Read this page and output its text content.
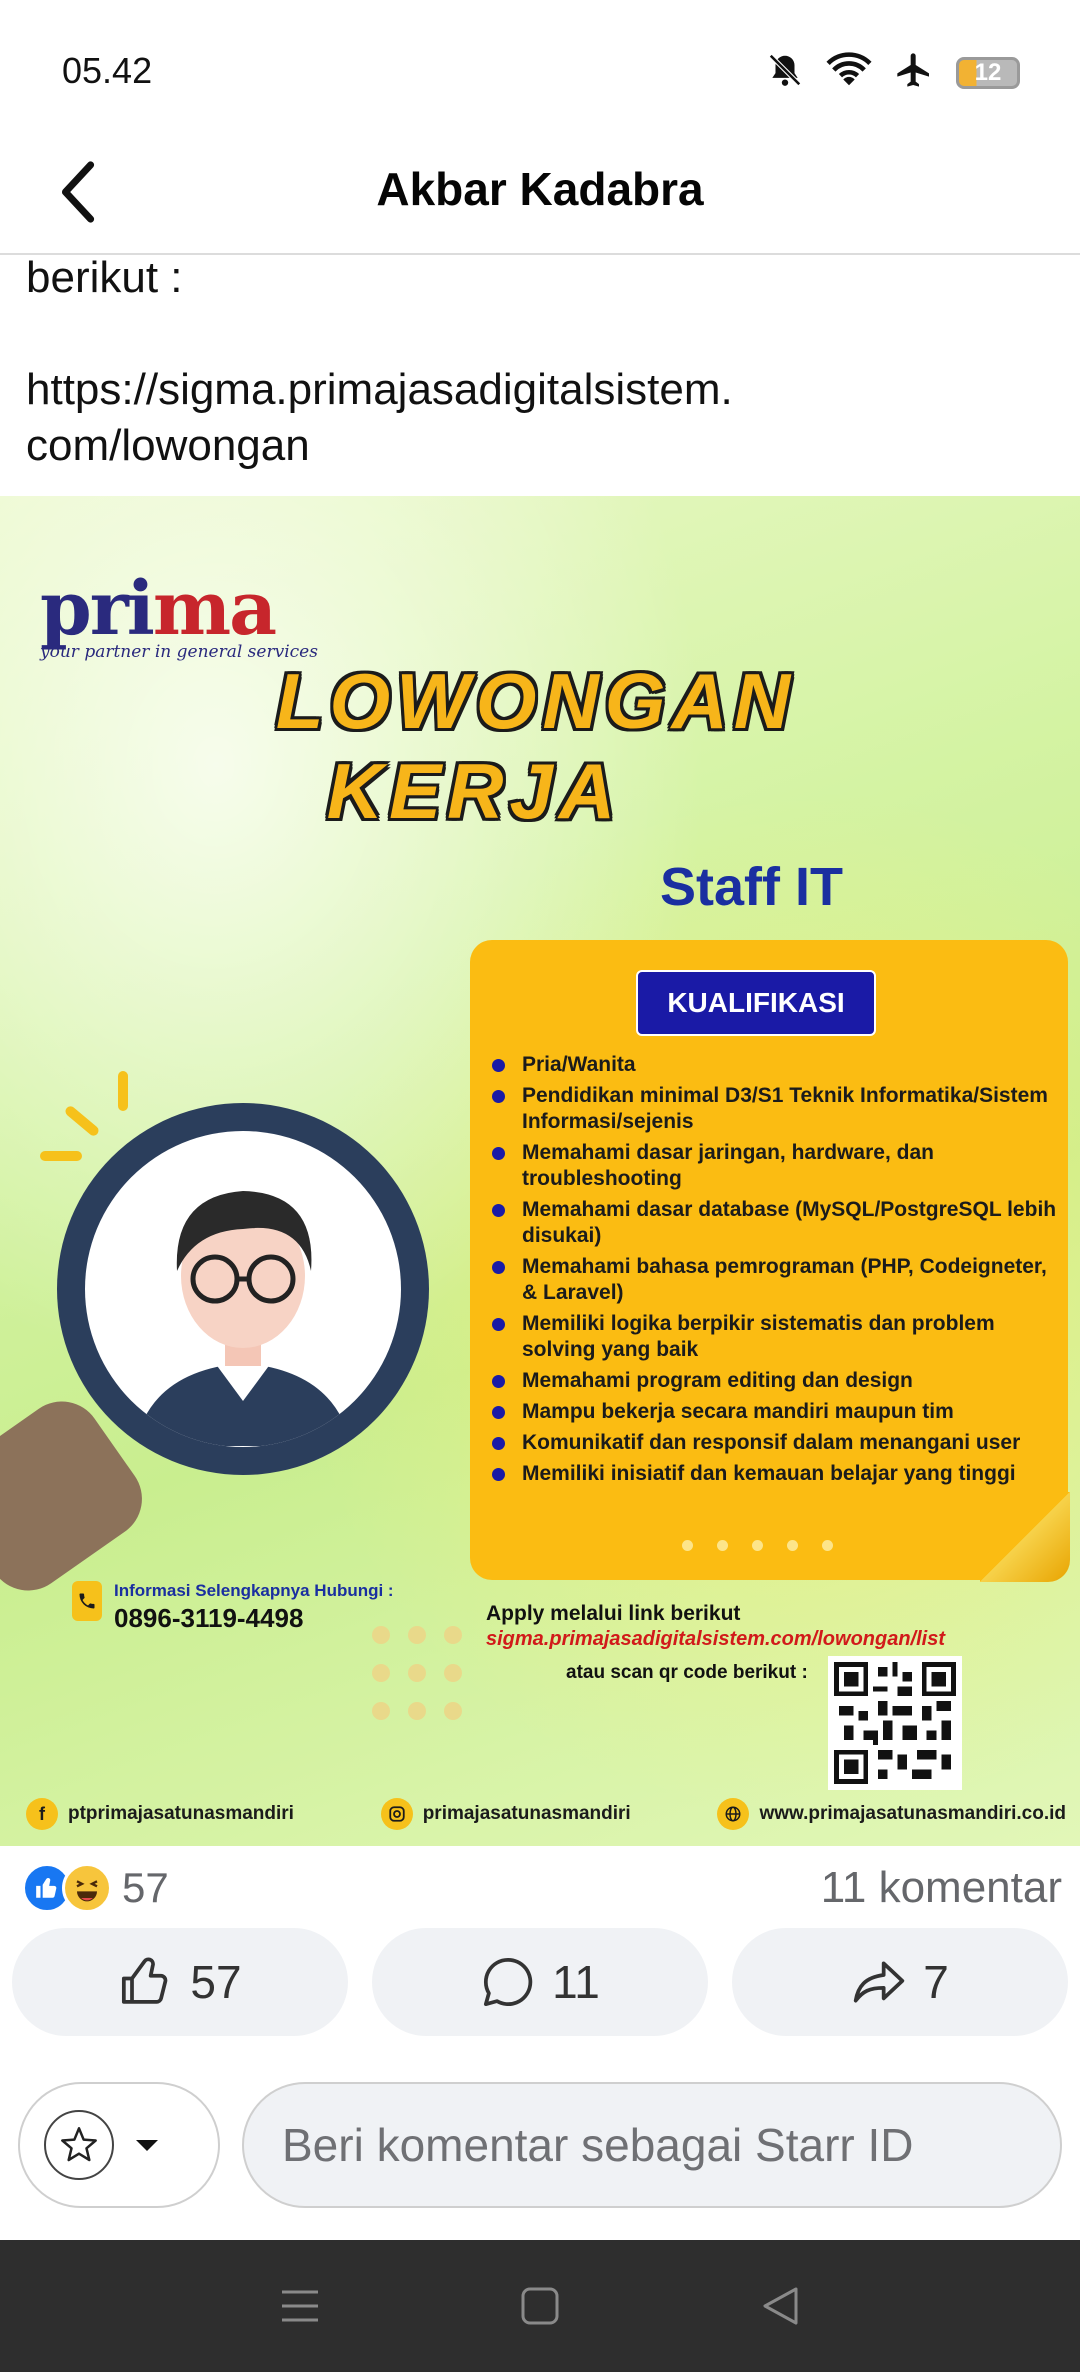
05.42	12
Akbar Kadabra

berikut :

https://sigma.primajasadigitalsistem.
com/lowongan

prima
your partner in general services
LOWONGAN
KERJA
Staff IT
KUALIFIKASI
Pria/Wanita
Pendidikan minimal D3/S1 Teknik Informatika/Sistem Informasi/sejenis
Memahami dasar jaringan, hardware, dan troubleshooting
Memahami dasar database (MySQL/PostgreSQL lebih disukai)
Memahami bahasa pemrograman (PHP, Codeigneter, & Laravel)
Memiliki logika berpikir sistematis dan problem solving yang baik
Memahami program editing dan design
Mampu bekerja secara mandiri maupun tim
Komunikatif dan responsif dalam menangani user
Memiliki inisiatif dan kemauan belajar yang tinggi
Informasi Selengkapnya Hubungi :
0896-3119-4498	Apply melalui link berikut
sigma.primajasadigitalsistem.com/lowongan/list
atau scan qr code berikut :
f	ptprimajasatunasmandiri	primajasatunasmandiri	www.primajasatunasmandiri.co.id
57	11 komentar
57	11	7
Beri komentar sebagai Starr ID
